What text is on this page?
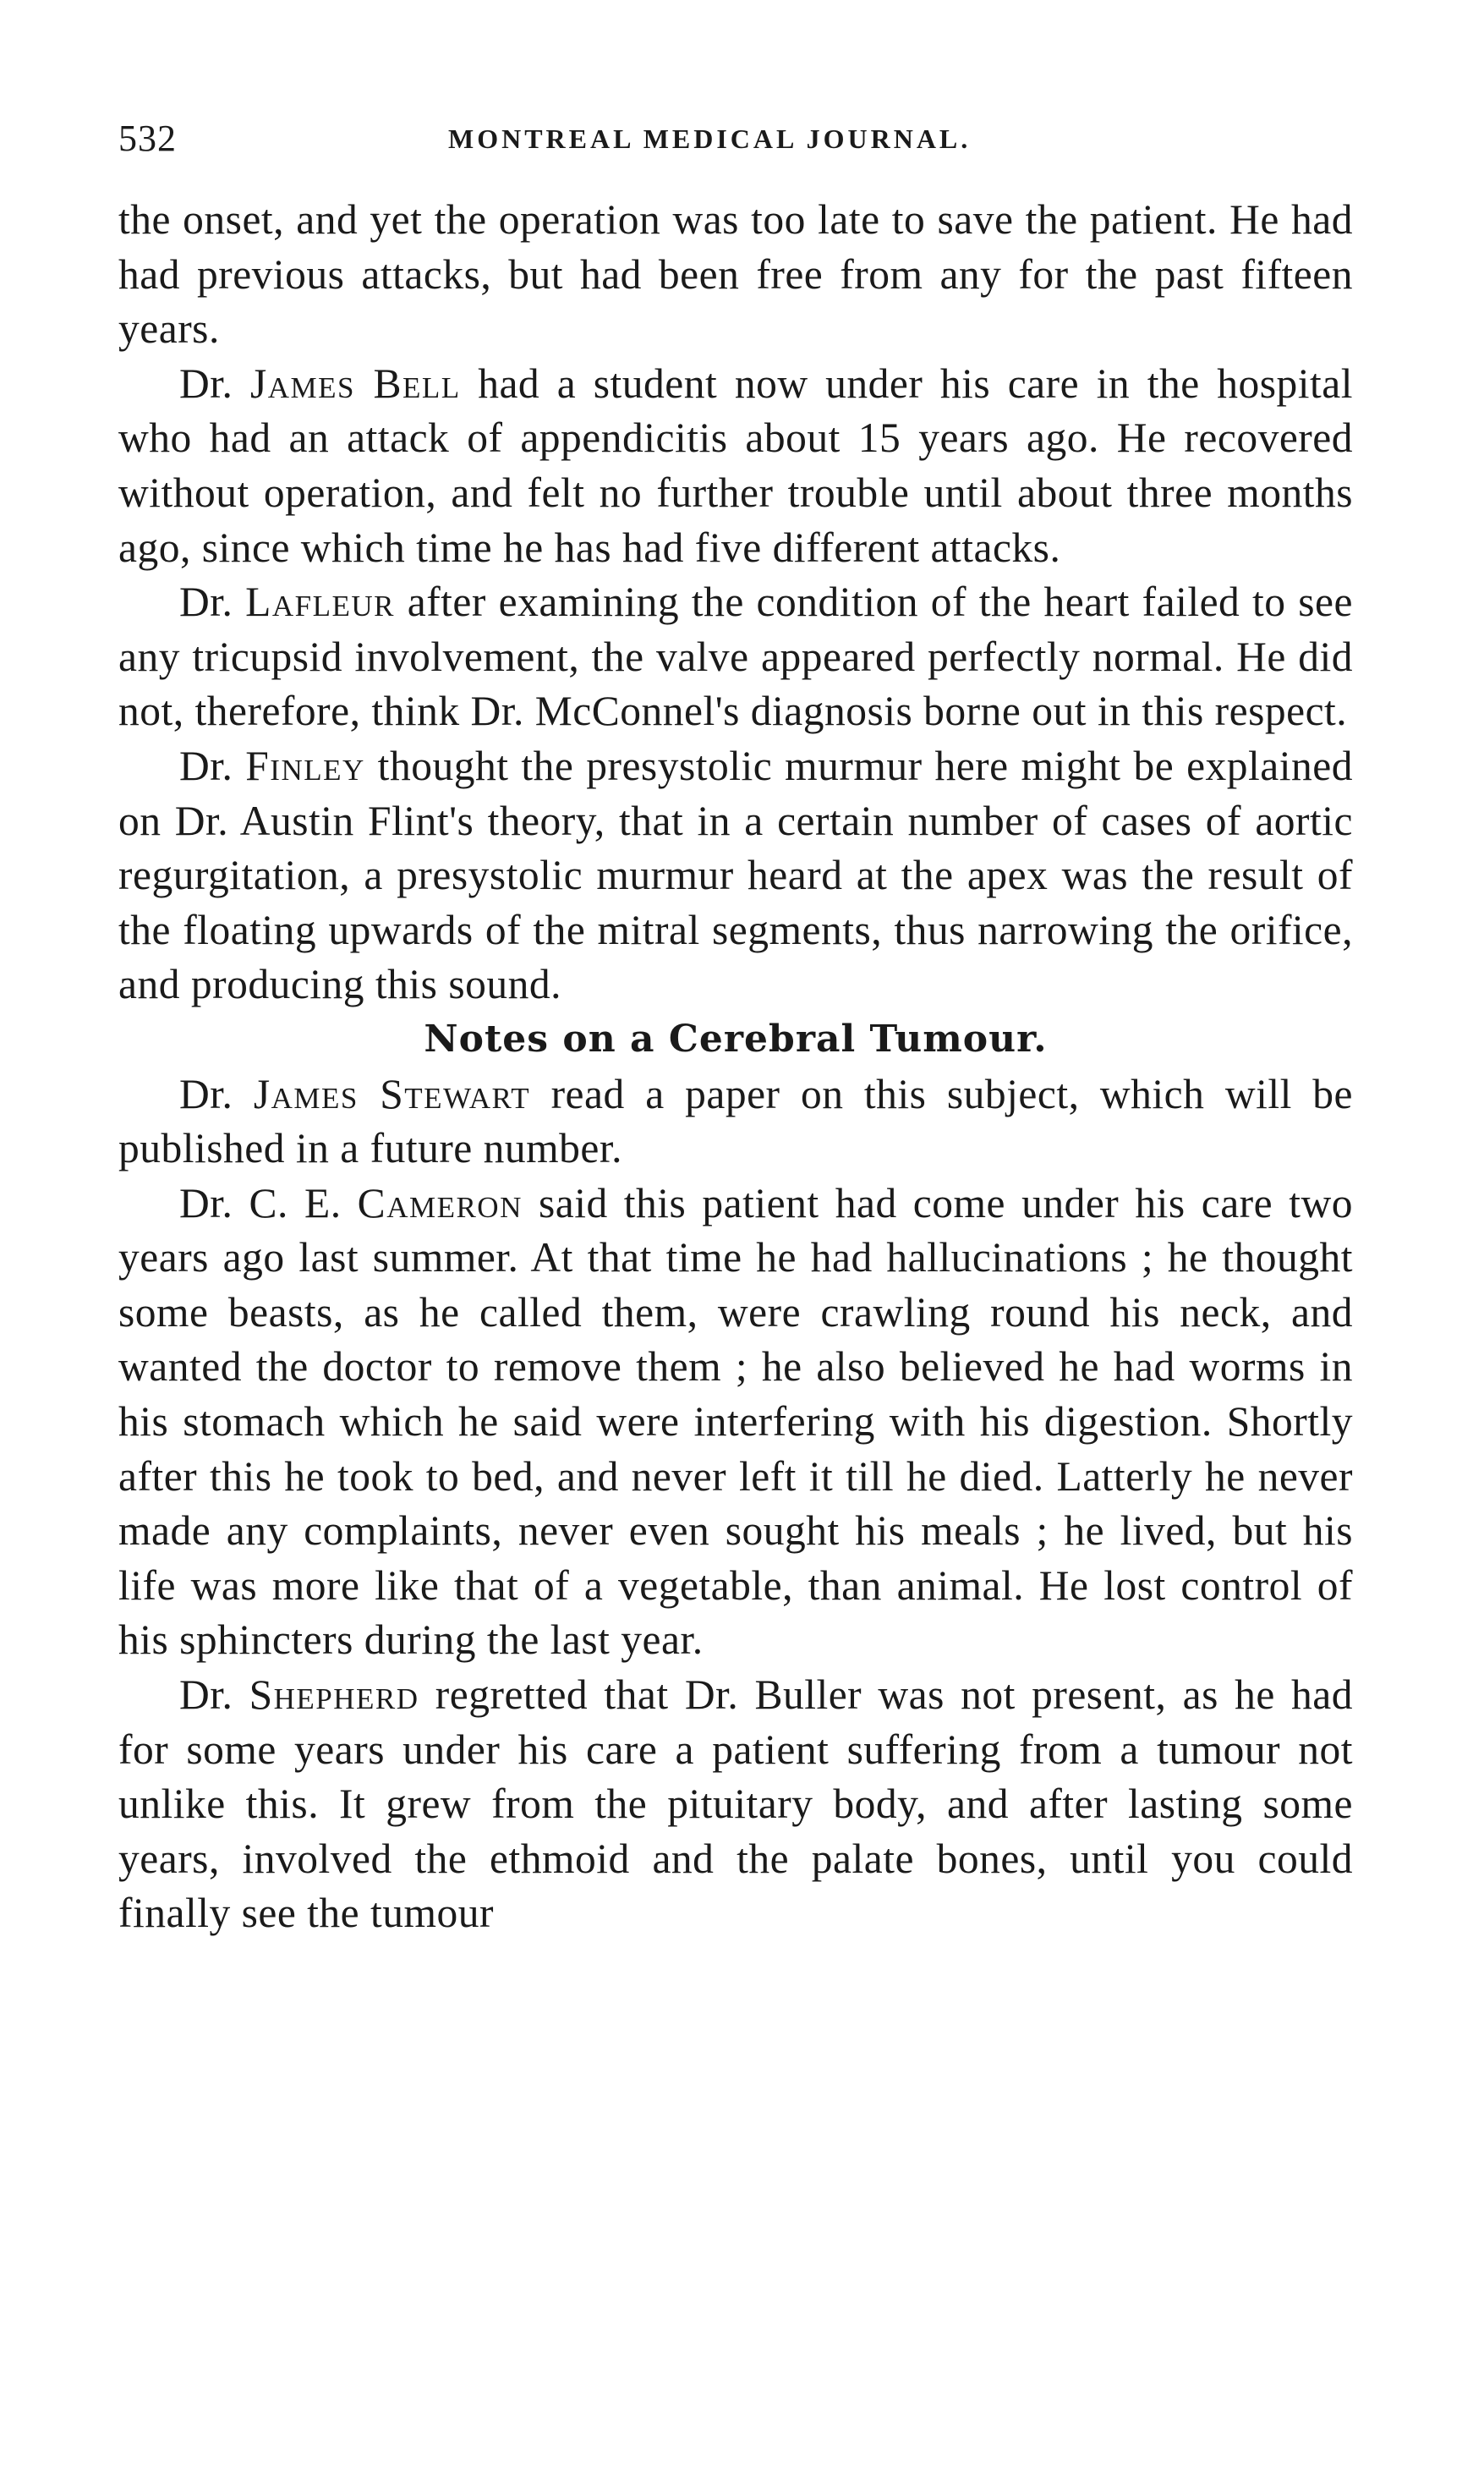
532	MONTREAL MEDICAL JOURNAL.

the onset, and yet the operation was too late to save the patient. He had had previous attacks, but had been free from any for the past fifteen years.

Dr. James Bell had a student now under his care in the hospital who had an attack of appendicitis about 15 years ago. He recovered without operation, and felt no further trouble until about three months ago, since which time he has had five different attacks.

Dr. Lafleur after examining the condition of the heart failed to see any tricupsid involvement, the valve appeared perfectly normal. He did not, therefore, think Dr. McConnel's diagnosis borne out in this respect.

Dr. Finley thought the presystolic murmur here might be explained on Dr. Austin Flint's theory, that in a certain number of cases of aortic regurgitation, a presystolic murmur heard at the apex was the result of the floating upwards of the mitral segments, thus narrowing the orifice, and producing this sound.

Notes on a Cerebral Tumour.

Dr. James Stewart read a paper on this subject, which will be published in a future number.

Dr. C. E. Cameron said this patient had come under his care two years ago last summer. At that time he had hallucinations ; he thought some beasts, as he called them, were crawling round his neck, and wanted the doctor to remove them ; he also believed he had worms in his stomach which he said were interfering with his digestion. Shortly after this he took to bed, and never left it till he died. Latterly he never made any complaints, never even sought his meals ; he lived, but his life was more like that of a vegetable, than animal. He lost control of his sphincters during the last year.

Dr. Shepherd regretted that Dr. Buller was not present, as he had for some years under his care a patient suffering from a tumour not unlike this. It grew from the pituitary body, and after lasting some years, involved the ethmoid and the palate bones, until you could finally see the tumour
